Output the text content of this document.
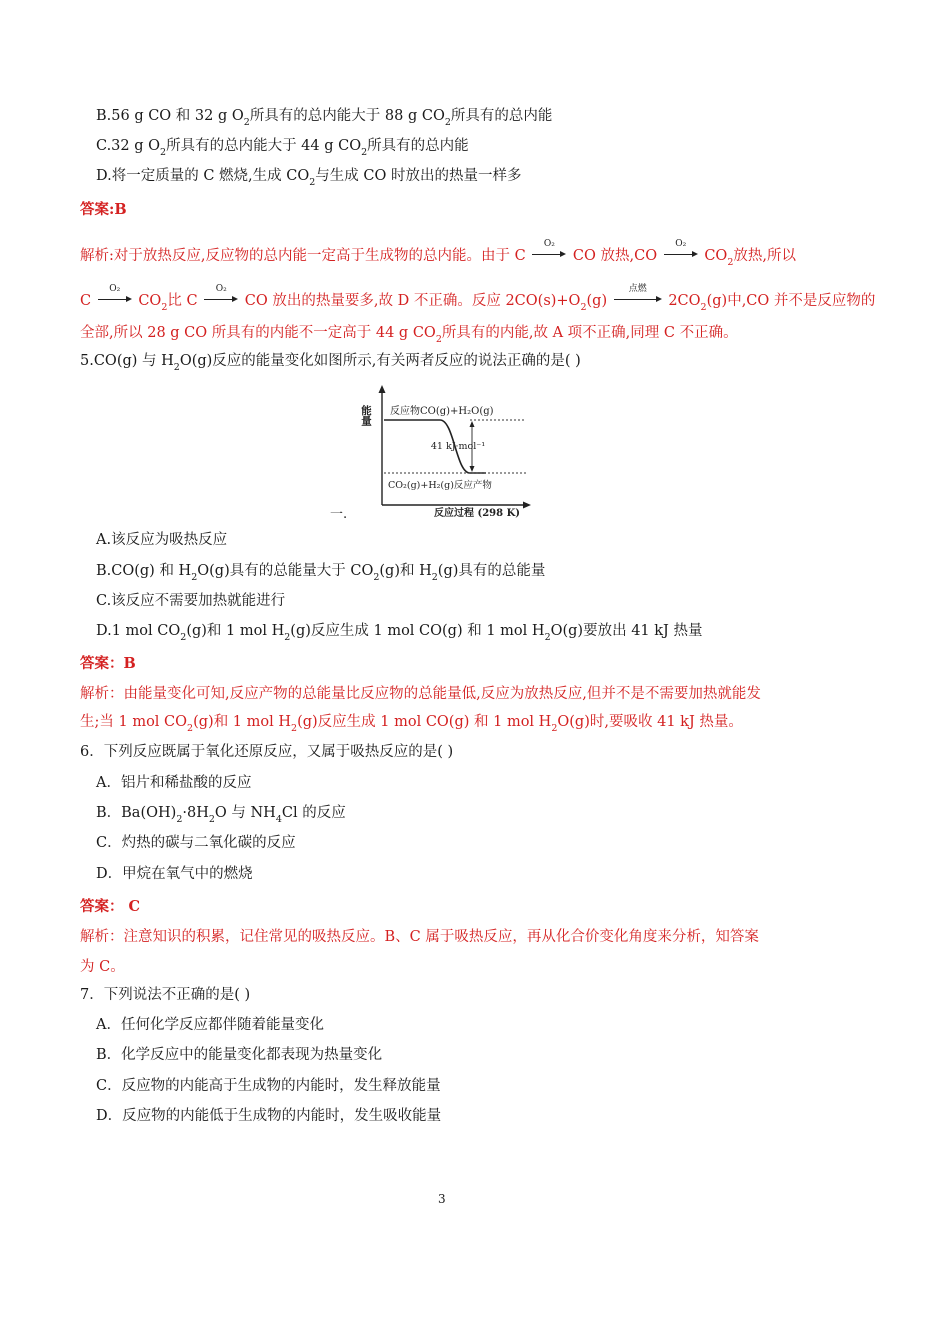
B.56 g CO 和 32 g $O_2$所具有的总内能大于 88 g $CO_2$所具有的总内能
C.32 g $O_2$所具有的总内能大于 44 g $CO_2$所具有的总内能
D.将一定质量的 C 燃烧,生成 $CO_2$与生成 CO 时放出的热量一样多
答案:B
解析:对于放热反应,反应物的总内能一定高于生成物的总内能。由于 C
O₂
CO 放热,CO
O₂
$CO_2$放热,所以
C
O₂
$CO_2$比 C
O₂
CO 放出的热量要多,故 D 不正确。反应 $2CO(s)+O_2(g)$
点燃
$2CO_2(g)$中,CO 并不是反应物的
全部,所以 28 g CO 所具有的内能不一定高于 44 g $CO_2$所具有的内能,故 A 项不正确,同理 C 不正确。
5.CO(g) 与 $H_2O(g)$反应的能量变化如图所示,有关两者反应的说法正确的是( )
能量 反应物CO(g)+H₂O(g)
41 kJ·mol⁻¹
CO₂(g)+H₂(g)反应产物
反应过程 (298 K)
一.
A.该反应为吸热反应
B.CO(g) 和 $H_2O(g)$具有的总能量大于 $CO_2(g)$和 $H_2(g)$具有的总能量
C.该反应不需要加热就能进行
D.1 mol $CO_2(g)$和 1 mol $H_2(g)$反应生成 1 mol CO(g) 和 1 mol $H_2O(g)$要放出 41 kJ 热量
答案：B
解析：由能量变化可知,反应产物的总能量比反应物的总能量低,反应为放热反应,但并不是不需要加热就能发
生;当 1 mol $CO_2(g)$和 1 mol $H_2(g)$反应生成 1 mol CO(g) 和 1 mol $H_2O(g)$时,要吸收 41 kJ 热量。
6．下列反应既属于氧化还原反应，又属于吸热反应的是( )
A．铝片和稀盐酸的反应
B．$Ba(OH)_2\cdot 8H_2O$ 与 $NH_4Cl$ 的反应
C．灼热的碳与二氧化碳的反应
D．甲烷在氧气中的燃烧
答案： C
解析：注意知识的积累，记住常见的吸热反应。B、C 属于吸热反应，再从化合价变化角度来分析，知答案
为 C。
7．下列说法不正确的是( )
A．任何化学反应都伴随着能量变化
B．化学反应中的能量变化都表现为热量变化
C．反应物的内能高于生成物的内能时，发生释放能量
D．反应物的内能低于生成物的内能时，发生吸收能量
3
